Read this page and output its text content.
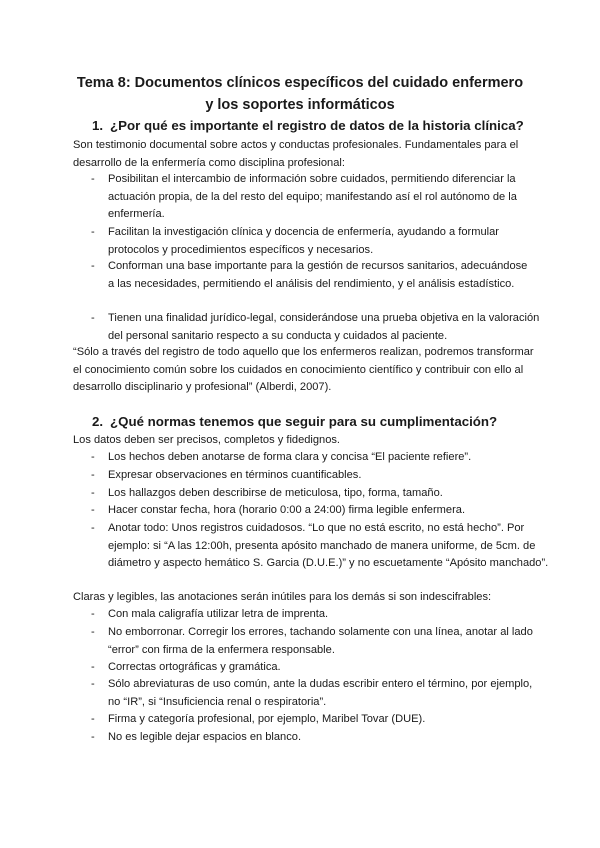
Tema 8: Documentos clínicos específicos del cuidado enfermero
y los soportes informáticos
1. ¿Por qué es importante el registro de datos de la historia clínica?

Son testimonio documental sobre actos y conductas profesionales. Fundamentales para el desarrollo de la enfermería como disciplina profesional:

- Posibilitan el intercambio de información sobre cuidados, permitiendo diferenciar la actuación propia, de la del resto del equipo; manifestando así el rol autónomo de la enfermería.
- Facilitan la investigación clínica y docencia de enfermería, ayudando a formular protocolos y procedimientos específicos y necesarios.
- Conforman una base importante para la gestión de recursos sanitarios, adecuándose a las necesidades, permitiendo el análisis del rendimiento, y el análisis estadístico.
- Tienen una finalidad jurídico-legal, considerándose una prueba objetiva en la valoración del personal sanitario respecto a su conducta y cuidados al paciente.

“Sólo a través del registro de todo aquello que los enfermeros realizan, podremos transformar el conocimiento común sobre los cuidados en conocimiento científico y contribuir con ello al desarrollo disciplinario y profesional” (Alberdi, 2007).

2. ¿Qué normas tenemos que seguir para su cumplimentación?

Los datos deben ser precisos, completos y fidedignos.

- Los hechos deben anotarse de forma clara y concisa “El paciente refiere”.
- Expresar observaciones en términos cuantificables.
- Los hallazgos deben describirse de meticulosa, tipo, forma, tamaño.
- Hacer constar fecha, hora (horario 0:00 a 24:00) firma legible enfermera.
- Anotar todo: Unos registros cuidadosos. “Lo que no está escrito, no está hecho”. Por ejemplo: si “A las 12:00h, presenta apósito manchado de manera uniforme, de 5cm. de diámetro y aspecto hemático S. Garcia (D.U.E.)” y no escuetamente “Apósito manchado”.

Claras y legibles, las anotaciones serán inútiles para los demás si son indescifrables:

- Con mala caligrafía utilizar letra de imprenta.
- No emborronar. Corregir los errores, tachando solamente con una línea, anotar al lado “error” con firma de la enfermera responsable.
- Correctas ortográficas y gramática.
- Sólo abreviaturas de uso común, ante la dudas escribir entero el término, por ejemplo, no “IR”, si “Insuficiencia renal o respiratoria”.
- Firma y categoría profesional, por ejemplo, Maribel Tovar (DUE).
- No es legible dejar espacios en blanco.
